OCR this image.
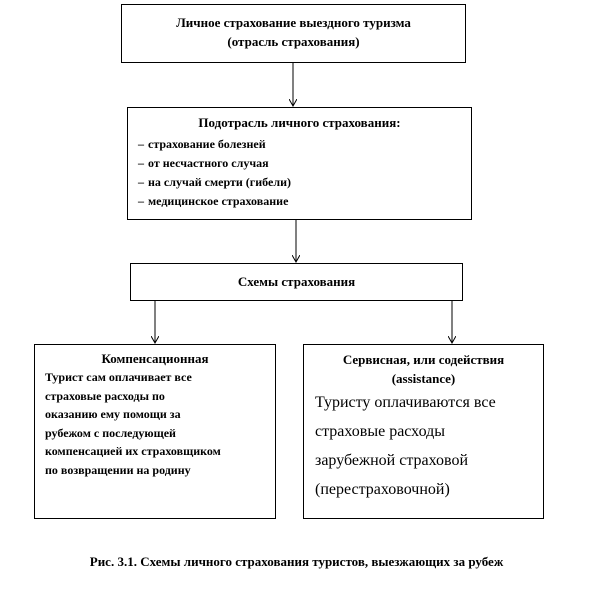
Личное страхование выездного туризма
(отрасль страхования)
Подотрасль личного страхования:
– страхование болезней
– от несчастного случая
– на случай смерти (гибели)
– медицинское страхование
Схемы страхования
Компенсационная
Турист сам оплачивает все
страховые расходы по
оказанию ему помощи за
рубежом с последующей
компенсацией их страховщиком
по возвращении на родину
Сервисная, или содействия
(assistance)
Туристу оплачиваются все
страховые расходы
зарубежной страховой
(перестраховочной)
Рис. 3.1. Схемы личного страхования туристов, выезжающих за рубеж
